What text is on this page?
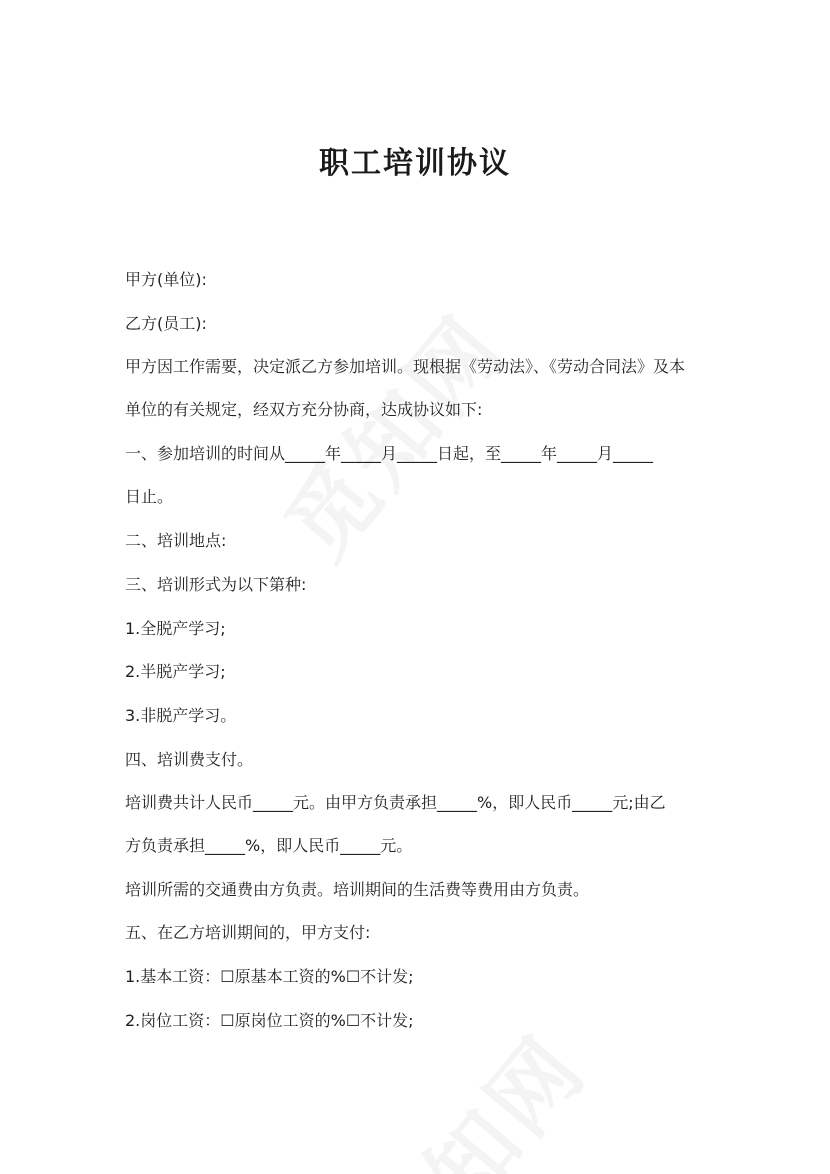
职工培训协议

甲方(单位):

乙方(员工):

甲方因工作需要，决定派乙方参加培训。现根据《劳动法》、《劳动合同法》及本

单位的有关规定，经双方充分协商，达成协议如下:

一、参加培训的时间从_____年_____月_____日起，至_____年_____月_____

日止。

二、培训地点:

三、培训形式为以下第种:

1.全脱产学习;

2.半脱产学习;

3.非脱产学习。

四、培训费支付。

培训费共计人民币_____元。由甲方负责承担_____%，即人民币_____元;由乙

方负责承担_____%，即人民币_____元。

培训所需的交通费由方负责。培训期间的生活费等费用由方负责。

五、在乙方培训期间的，甲方支付:

1.基本工资：☐原基本工资的%☐不计发;

2.岗位工资：☐原岗位工资的%☐不计发;
